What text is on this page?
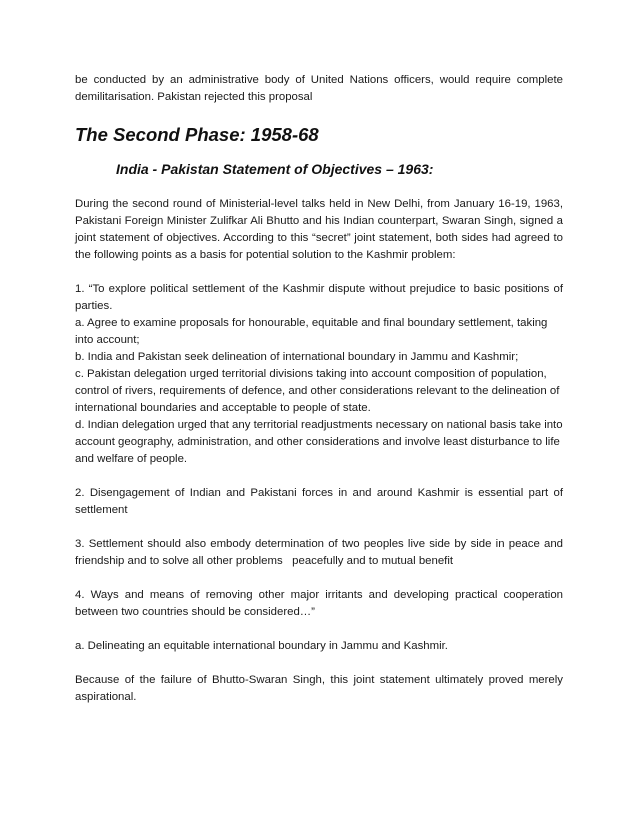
be conducted by an administrative body of United Nations officers, would require complete demilitarisation. Pakistan rejected this proposal

The Second Phase: 1958-68
India - Pakistan Statement of Objectives – 1963:

During the second round of Ministerial-level talks held in New Delhi, from January 16-19, 1963, Pakistani Foreign Minister Zulifkar Ali Bhutto and his Indian counterpart, Swaran Singh, signed a joint statement of objectives. According to this “secret” joint statement, both sides had agreed to the following points as a basis for potential solution to the Kashmir problem:

1. “To explore political settlement of the Kashmir dispute without prejudice to basic positions of parties.

a. Agree to examine proposals for honourable, equitable and final boundary settlement, taking into account;

b. India and Pakistan seek delineation of international boundary in Jammu and Kashmir;

c. Pakistan delegation urged territorial divisions taking into account composition of population, control of rivers, requirements of defence, and other considerations relevant to the delineation of international boundaries and acceptable to people of state.

d. Indian delegation urged that any territorial readjustments necessary on national basis take into account geography, administration, and other considerations and involve least disturbance to life and welfare of people.

2. Disengagement of Indian and Pakistani forces in and around Kashmir is essential part of settlement

3. Settlement should also embody determination of two peoples live side by side in peace and friendship and to solve all other problems   peacefully and to mutual benefit

4. Ways and means of removing other major irritants and developing practical cooperation between two countries should be considered…”

a. Delineating an equitable international boundary in Jammu and Kashmir.

Because of the failure of Bhutto-Swaran Singh, this joint statement ultimately proved merely aspirational.
